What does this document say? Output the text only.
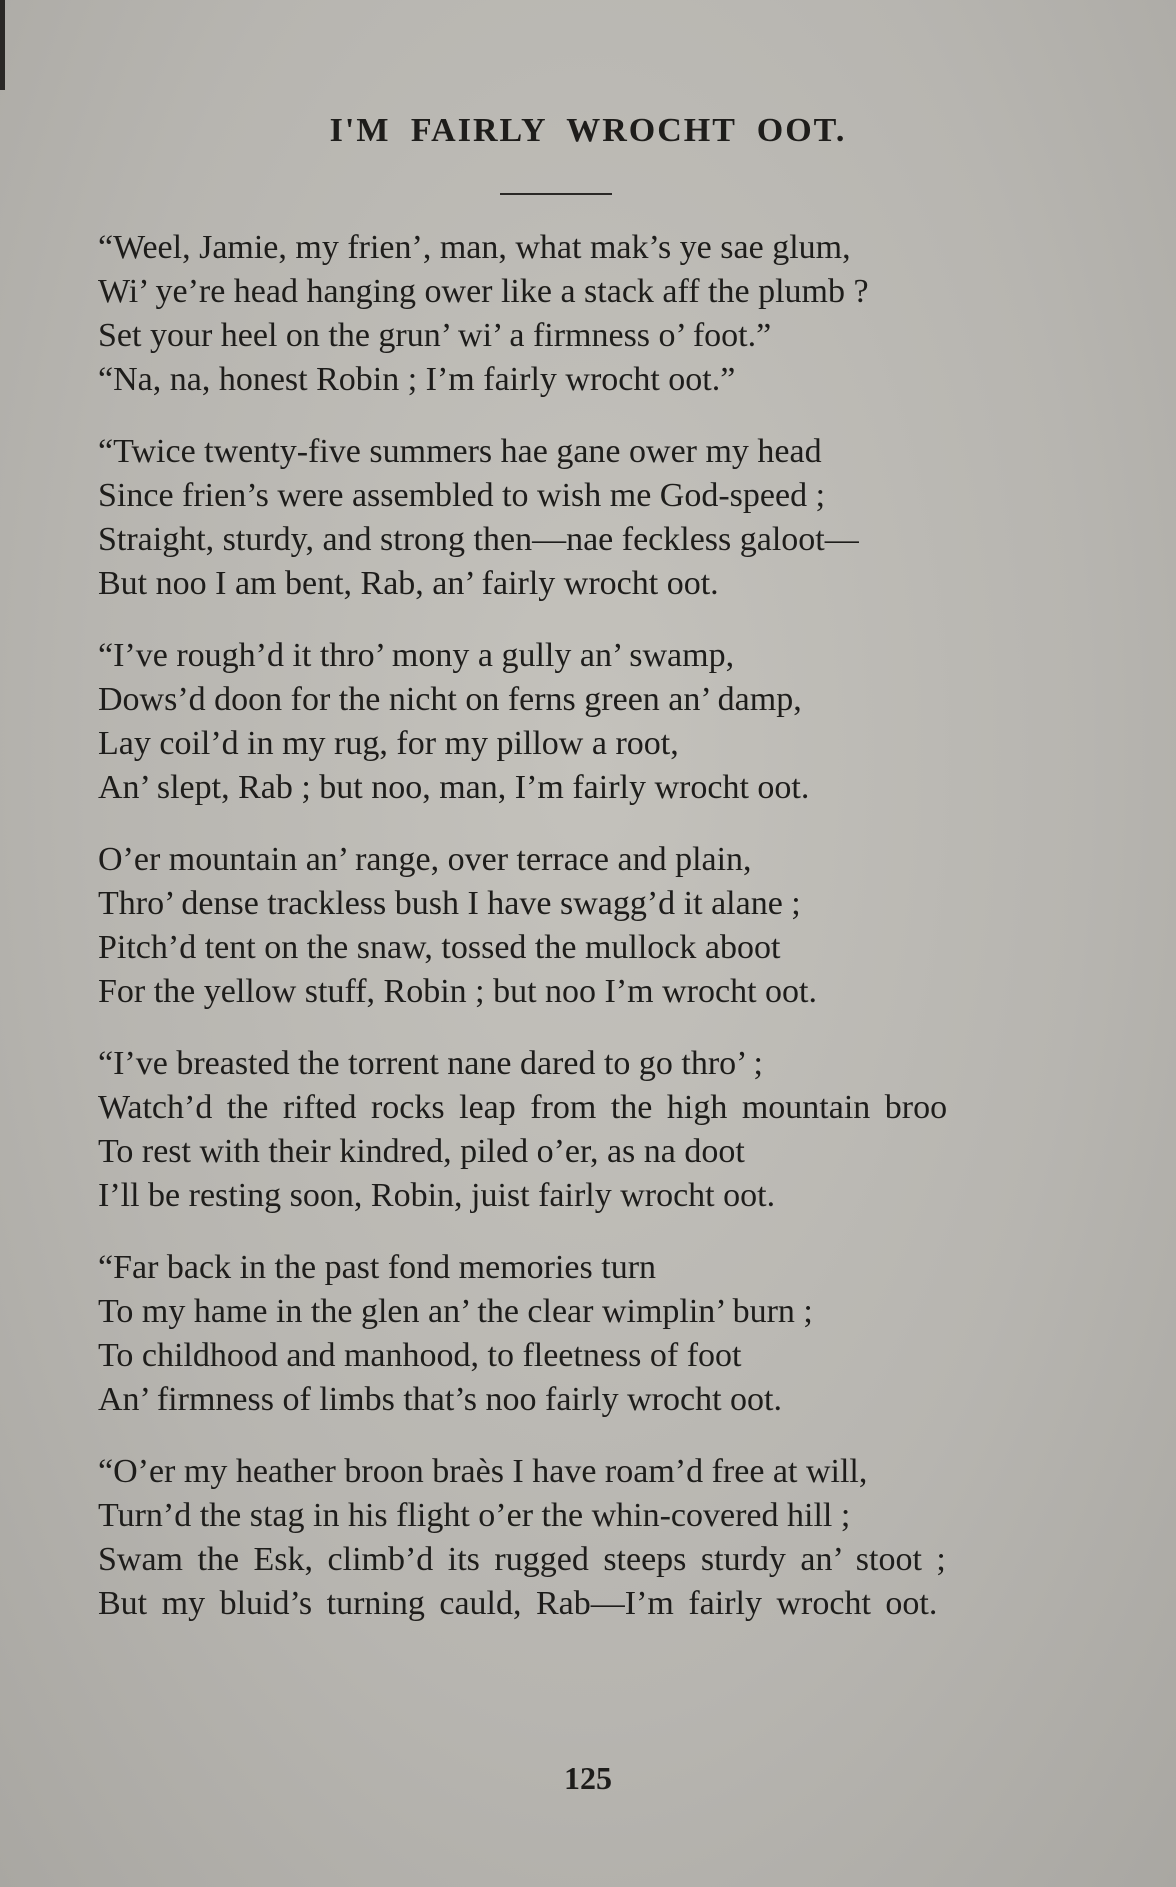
I'M FAIRLY WROCHT OOT.
“Weel, Jamie, my frien’, man, what mak’s ye sae glum,
Wi’ ye’re head hanging ower like a stack aff the plumb ?
Set your heel on the grun’ wi’ a firmness o’ foot.”
“Na, na, honest Robin ; I’m fairly wrocht oot.”
“Twice twenty-five summers hae gane ower my head
Since frien’s were assembled to wish me God-speed ;
Straight, sturdy, and strong then—nae feckless galoot—
But noo I am bent, Rab, an’ fairly wrocht oot.
“I’ve rough’d it thro’ mony a gully an’ swamp,
Dows’d doon for the nicht on ferns green an’ damp,
Lay coil’d in my rug, for my pillow a root,
An’ slept, Rab ; but noo, man, I’m fairly wrocht oot.
O’er mountain an’ range, over terrace and plain,
Thro’ dense trackless bush I have swagg’d it alane ;
Pitch’d tent on the snaw, tossed the mullock aboot
For the yellow stuff, Robin ; but noo I’m wrocht oot.
“I’ve breasted the torrent nane dared to go thro’ ;
Watch’d the rifted rocks leap from the high mountain broo
To rest with their kindred, piled o’er, as na doot
I’ll be resting soon, Robin, juist fairly wrocht oot.
“Far back in the past fond memories turn
To my hame in the glen an’ the clear wimplin’ burn ;
To childhood and manhood, to fleetness of foot
An’ firmness of limbs that’s noo fairly wrocht oot.
“O’er my heather broon braès I have roam’d free at will,
Turn’d the stag in his flight o’er the whin-covered hill ;
Swam the Esk, climb’d its rugged steeps sturdy an’ stoot ;
But my bluid’s turning cauld, Rab—I’m fairly wrocht oot.
125
